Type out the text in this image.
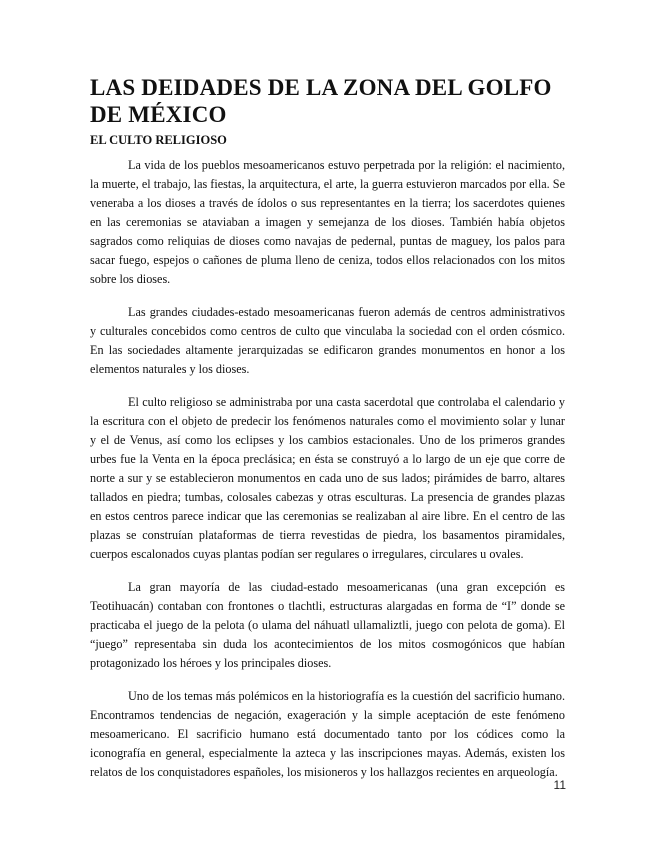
LAS DEIDADES DE LA ZONA DEL GOLFO DE MÉXICO
EL CULTO RELIGIOSO

La vida de los pueblos mesoamericanos estuvo perpetrada por la religión: el nacimiento, la muerte, el trabajo, las fiestas, la arquitectura, el arte, la guerra estuvieron marcados por ella. Se veneraba a los dioses a través de ídolos o sus representantes en la tierra; los sacerdotes quienes en las ceremonias se ataviaban a imagen y semejanza de los dioses. También había objetos sagrados como reliquias de dioses como navajas de pedernal, puntas de maguey, los palos para sacar fuego, espejos o cañones de pluma lleno de ceniza, todos ellos relacionados con los mitos sobre los dioses.

Las grandes ciudades-estado mesoamericanas fueron además de centros administrativos y culturales concebidos como centros de culto que vinculaba la sociedad con el orden cósmico. En las sociedades altamente jerarquizadas se edificaron grandes monumentos en honor a los elementos naturales y los dioses.

El culto religioso se administraba por una casta sacerdotal que controlaba el calendario y la escritura con el objeto de predecir los fenómenos naturales como el movimiento solar y lunar y el de Venus, así como los eclipses y los cambios estacionales. Uno de los primeros grandes urbes fue la Venta en la época preclásica; en ésta se construyó a lo largo de un eje que corre de norte a sur y se establecieron monumentos en cada uno de sus lados; pirámides de barro, altares tallados en piedra; tumbas, colosales cabezas y otras esculturas. La presencia de grandes plazas en estos centros parece indicar que las ceremonias se realizaban al aire libre. En el centro de las plazas se construían plataformas de tierra revestidas de piedra, los basamentos piramidales, cuerpos escalonados cuyas plantas podían ser regulares o irregulares, circulares u ovales.

La gran mayoría de las ciudad-estado mesoamericanas (una gran excepción es Teotihuacán) contaban con frontones o tlachtli, estructuras alargadas en forma de “I” donde se practicaba el juego de la pelota (o ulama del náhuatl ullamaliztli, juego con pelota de goma). El “juego” representaba sin duda los acontecimientos de los mitos cosmogónicos que habían protagonizado los héroes y los principales dioses.

Uno de los temas más polémicos en la historiografía es la cuestión del sacrificio humano. Encontramos tendencias de negación, exageración y la simple aceptación de este fenómeno mesoamericano. El sacrificio humano está documentado tanto por los códices como la iconografía en general, especialmente la azteca y las inscripciones mayas. Además, existen los relatos de los conquistadores españoles, los misioneros y los hallazgos recientes en arqueología.

11
